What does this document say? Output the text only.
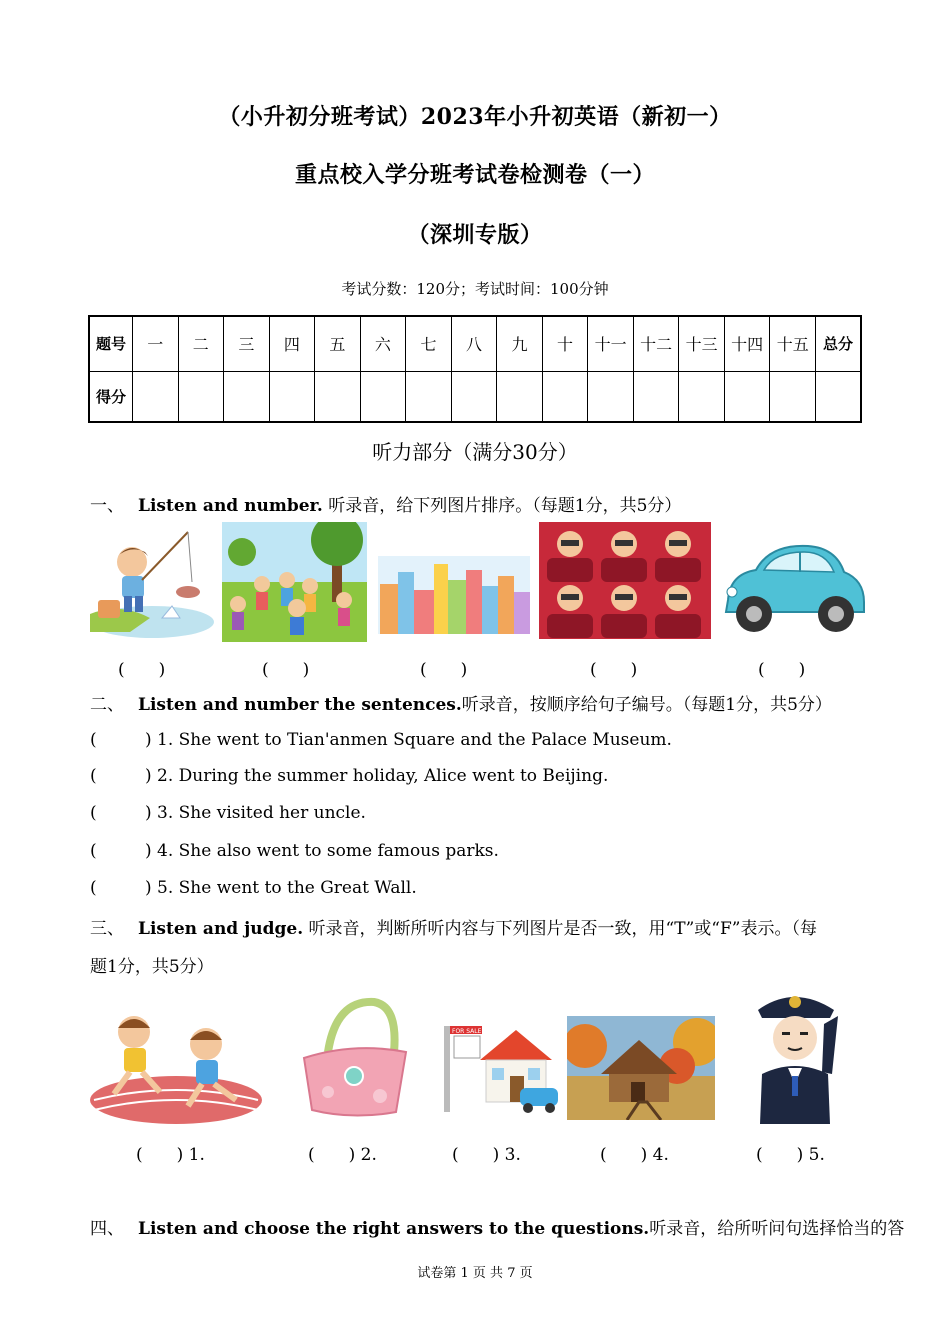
（小升初分班考试）2023年小升初英语（新初一）
重点校入学分班考试卷检测卷（一）
（深圳专版）
考试分数：120分；考试时间：100分钟
题号	一	二	三	四	五	六	七	八	九	十	十一	十二	十三	十四	十五	总分
得分																
听力部分（满分30分）
一、 Listen and number. 听录音，给下列图片排序。（每题1分，共5分）
(　　)	(　　)	(　　)	(　　)	(　　)
二、 Listen and number the sentences.听录音，按顺序给句子编号。（每题1分，共5分）
(	) 1. She went to Tian'anmen Square and the Palace Museum.
(	) 2. During the summer holiday, Alice went to Beijing.
(	) 3. She visited her uncle.
(	) 4. She also went to some famous parks.
(	) 5. She went to the Great Wall.
三、 Listen and judge. 听录音，判断所听内容与下列图片是否一致，用“T”或“F”表示。（每
题1分，共5分）
FOR SALE
(　　) 1.	(　　) 2.	(　　) 3.	(　　) 4.	(　　) 5.
四、 Listen and choose the right answers to the questions.听录音，给所听问句选择恰当的答
试卷第 1 页 共 7 页
